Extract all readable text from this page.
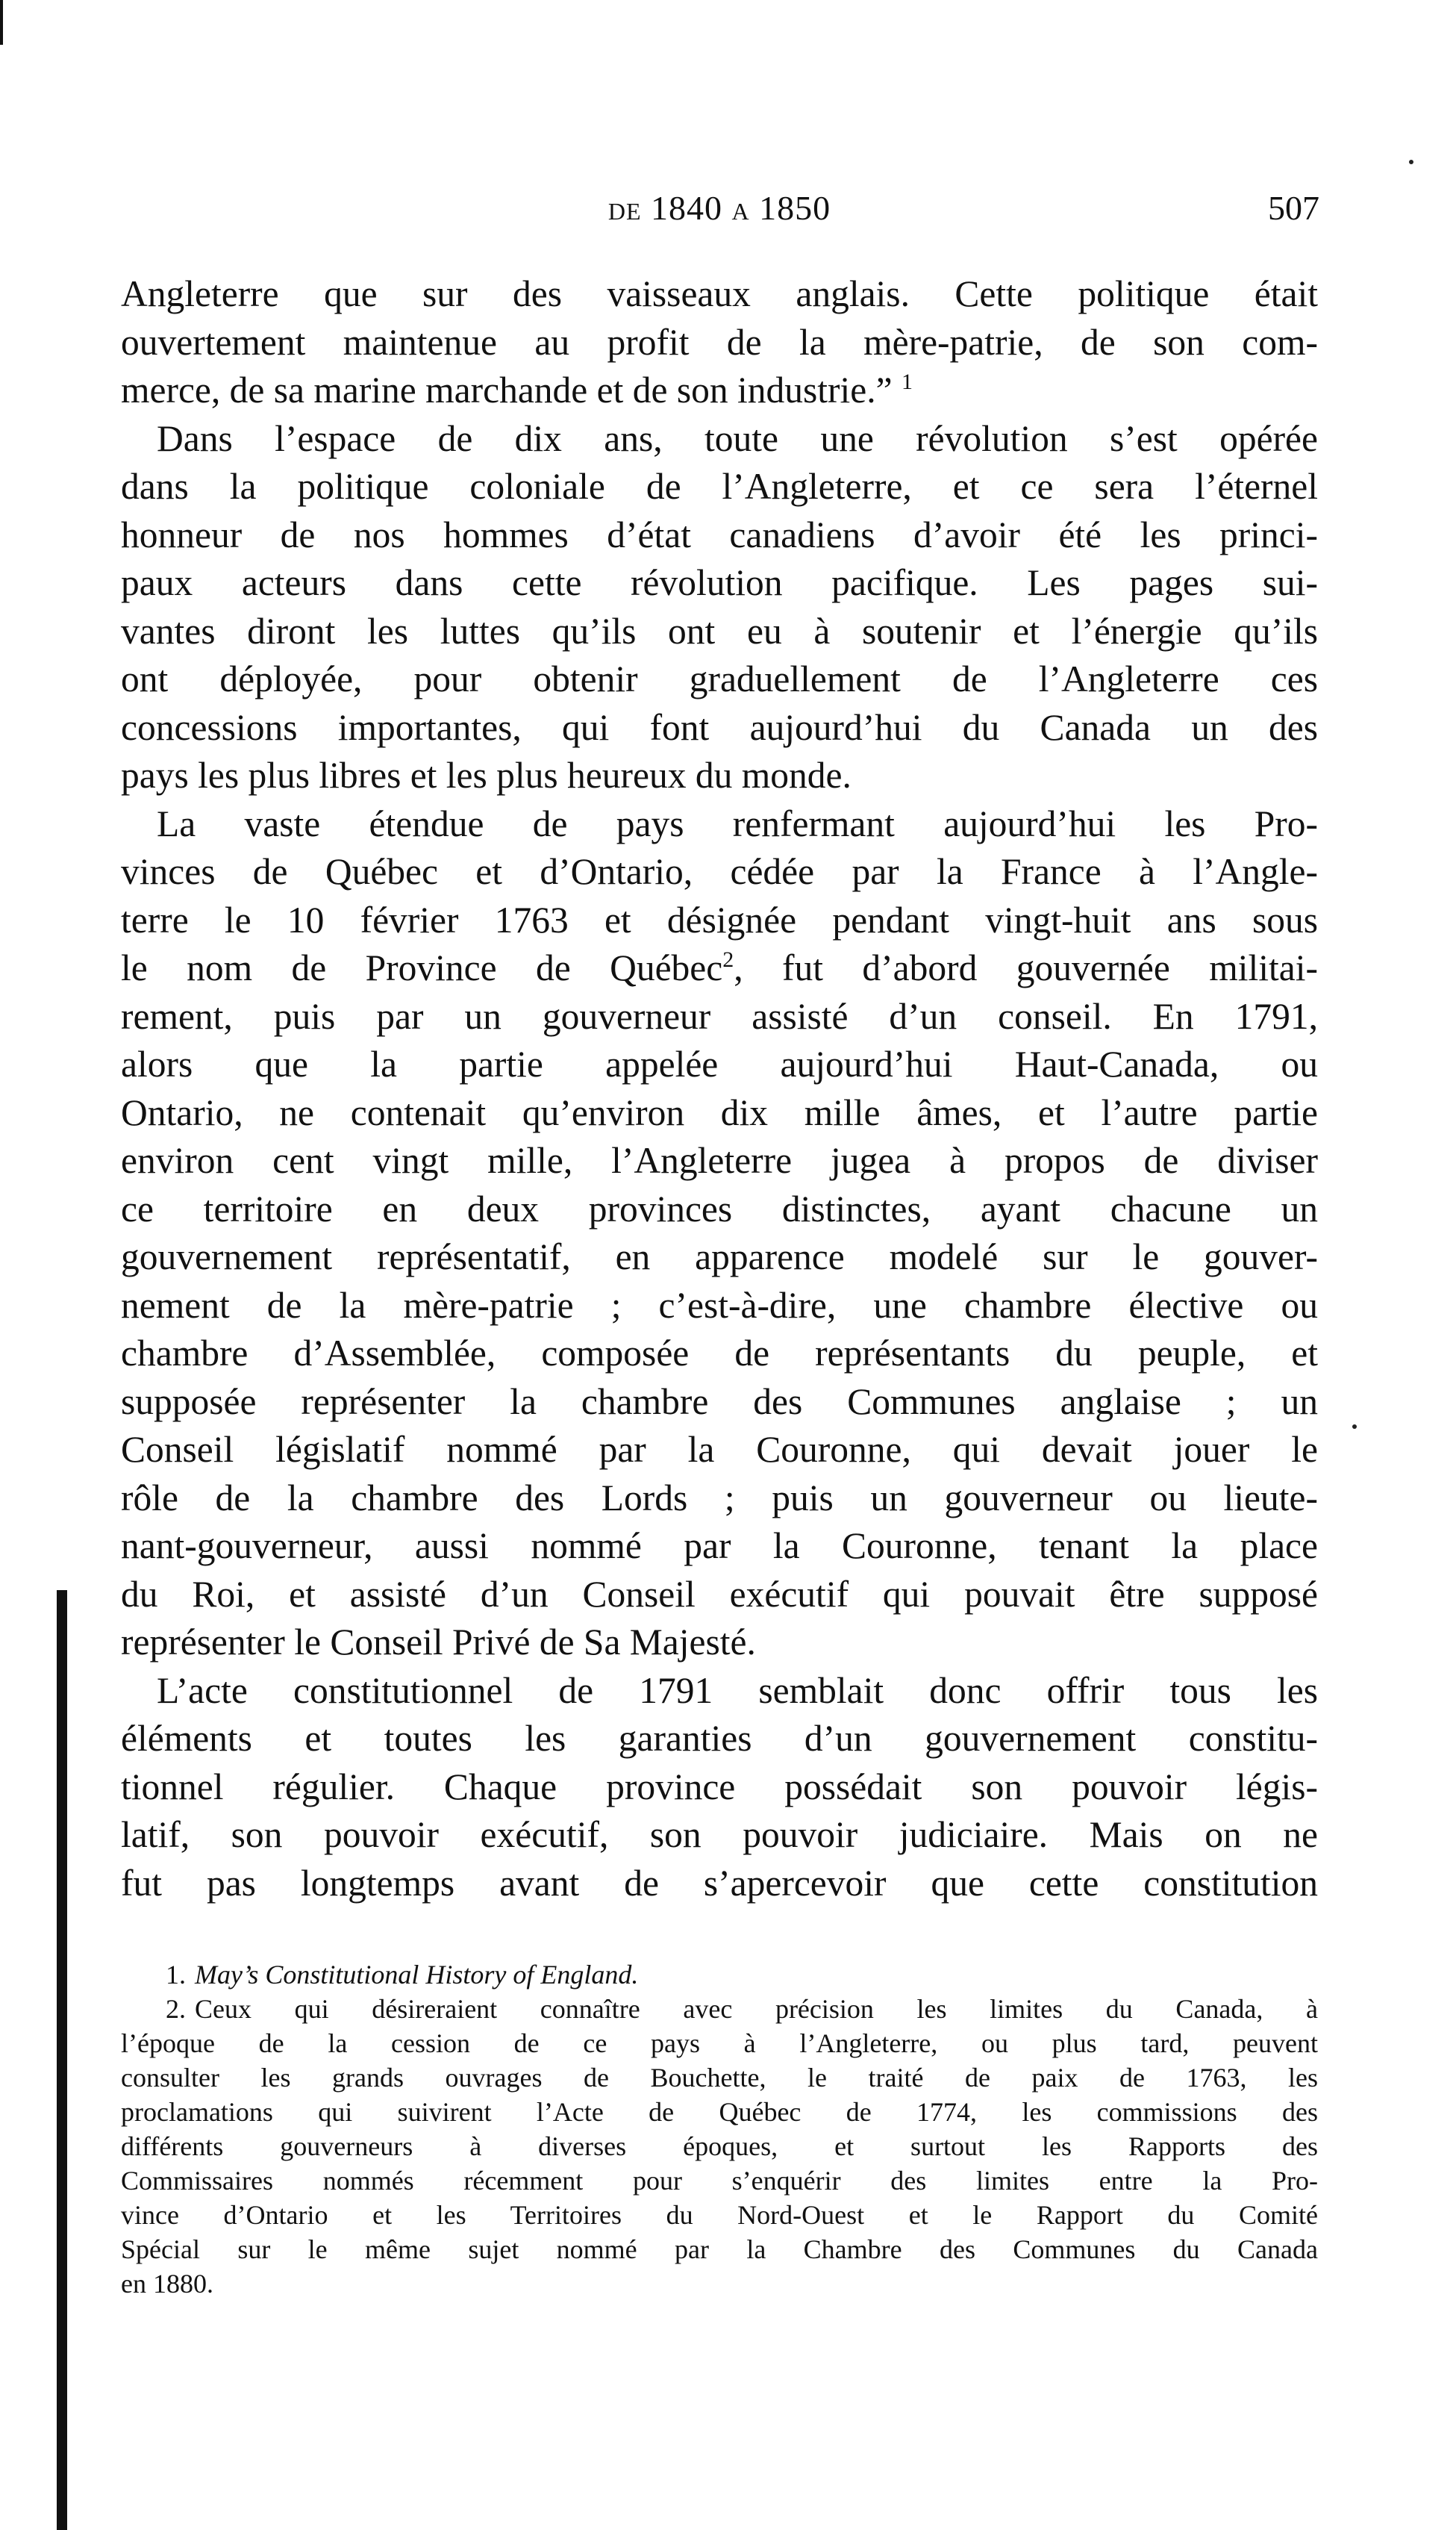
de 1840 a 1850	507
Angleterre que sur des vaisseaux anglais. Cette politique était
ouvertement maintenue au profit de la mère-patrie, de son com-
merce, de sa marine marchande et de son industrie.” $^1$
Dans l’espace de dix ans, toute une révolution s’est opérée
dans la politique coloniale de l’Angleterre, et ce sera l’éternel
honneur de nos hommes d’état canadiens d’avoir été les princi-
paux acteurs dans cette révolution pacifique. Les pages sui-
vantes diront les luttes qu’ils ont eu à soutenir et l’énergie qu’ils
ont déployée, pour obtenir graduellement de l’Angleterre ces
concessions importantes, qui font aujourd’hui du Canada un des
pays les plus libres et les plus heureux du monde.
La vaste étendue de pays renfermant aujourd’hui les Pro-
vinces de Québec et d’Ontario, cédée par la France à l’Angle-
terre le 10 février 1763 et désignée pendant vingt-huit ans sous
le nom de Province de Québec$^2$, fut d’abord gouvernée militai-
rement, puis par un gouverneur assisté d’un conseil. En 1791,
alors que la partie appelée aujourd’hui Haut-Canada, ou
Ontario, ne contenait qu’environ dix mille âmes, et l’autre partie
environ cent vingt mille, l’Angleterre jugea à propos de diviser
ce territoire en deux provinces distinctes, ayant chacune un
gouvernement représentatif, en apparence modelé sur le gouver-
nement de la mère-patrie ; c’est-à-dire, une chambre élective ou
chambre d’Assemblée, composée de représentants du peuple, et
supposée représenter la chambre des Communes anglaise ; un
Conseil législatif nommé par la Couronne, qui devait jouer le
rôle de la chambre des Lords ; puis un gouverneur ou lieute-
nant-gouverneur, aussi nommé par la Couronne, tenant la place
du Roi, et assisté d’un Conseil exécutif qui pouvait être supposé
représenter le Conseil Privé de Sa Majesté.
L’acte constitutionnel de 1791 semblait donc offrir tous les
éléments et toutes les garanties d’un gouvernement constitu-
tionnel régulier. Chaque province possédait son pouvoir légis-
latif, son pouvoir exécutif, son pouvoir judiciaire. Mais on ne
fut pas longtemps avant de s’apercevoir que cette constitution
1. May’s Constitutional History of England.
2. Ceux qui désireraient connaître avec précision les limites du Canada, à
l’époque de la cession de ce pays à l’Angleterre, ou plus tard, peuvent
consulter les grands ouvrages de Bouchette, le traité de paix de 1763, les
proclamations qui suivirent l’Acte de Québec de 1774, les commissions des
différents gouverneurs à diverses époques, et surtout les Rapports des
Commissaires nommés récemment pour s’enquérir des limites entre la Pro-
vince d’Ontario et les Territoires du Nord-Ouest et le Rapport du Comité
Spécial sur le même sujet nommé par la Chambre des Communes du Canada
en 1880.
